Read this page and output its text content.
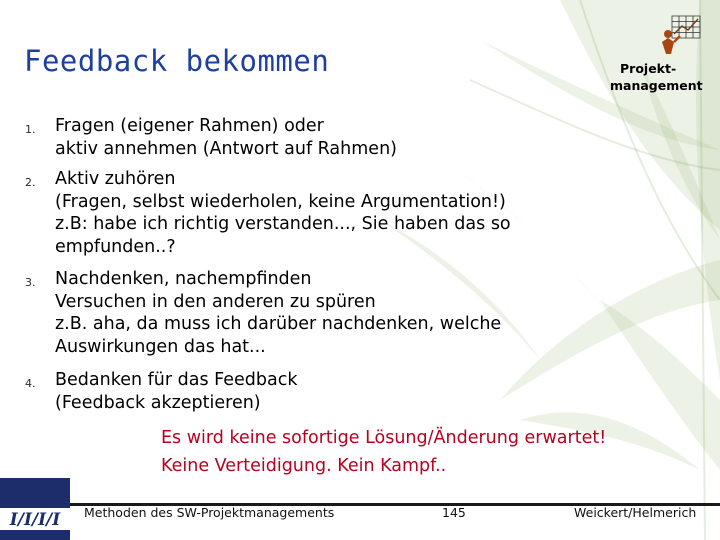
Feedback bekommen	Projekt-
management
1.	Fragen (eigener Rahmen) oder
aktiv annehmen (Antwort auf Rahmen)
2.	Aktiv zuhören
(Fragen, selbst wiederholen, keine Argumentation!)
z.B: habe ich richtig verstanden..., Sie haben das so
empfunden..?
3.	Nachdenken, nachempfinden
Versuchen in den anderen zu spüren
z.B. aha, da muss ich darüber nachdenken, welche
Auswirkungen das hat...
4.	Bedanken für das Feedback
(Feedback akzeptieren)
Es wird keine sofortige Lösung/Änderung erwartet!
Keine Verteidigung. Kein Kampf..
I/I/I/I Methoden des SW-Projektmanagements	145	Weickert/Helmerich
